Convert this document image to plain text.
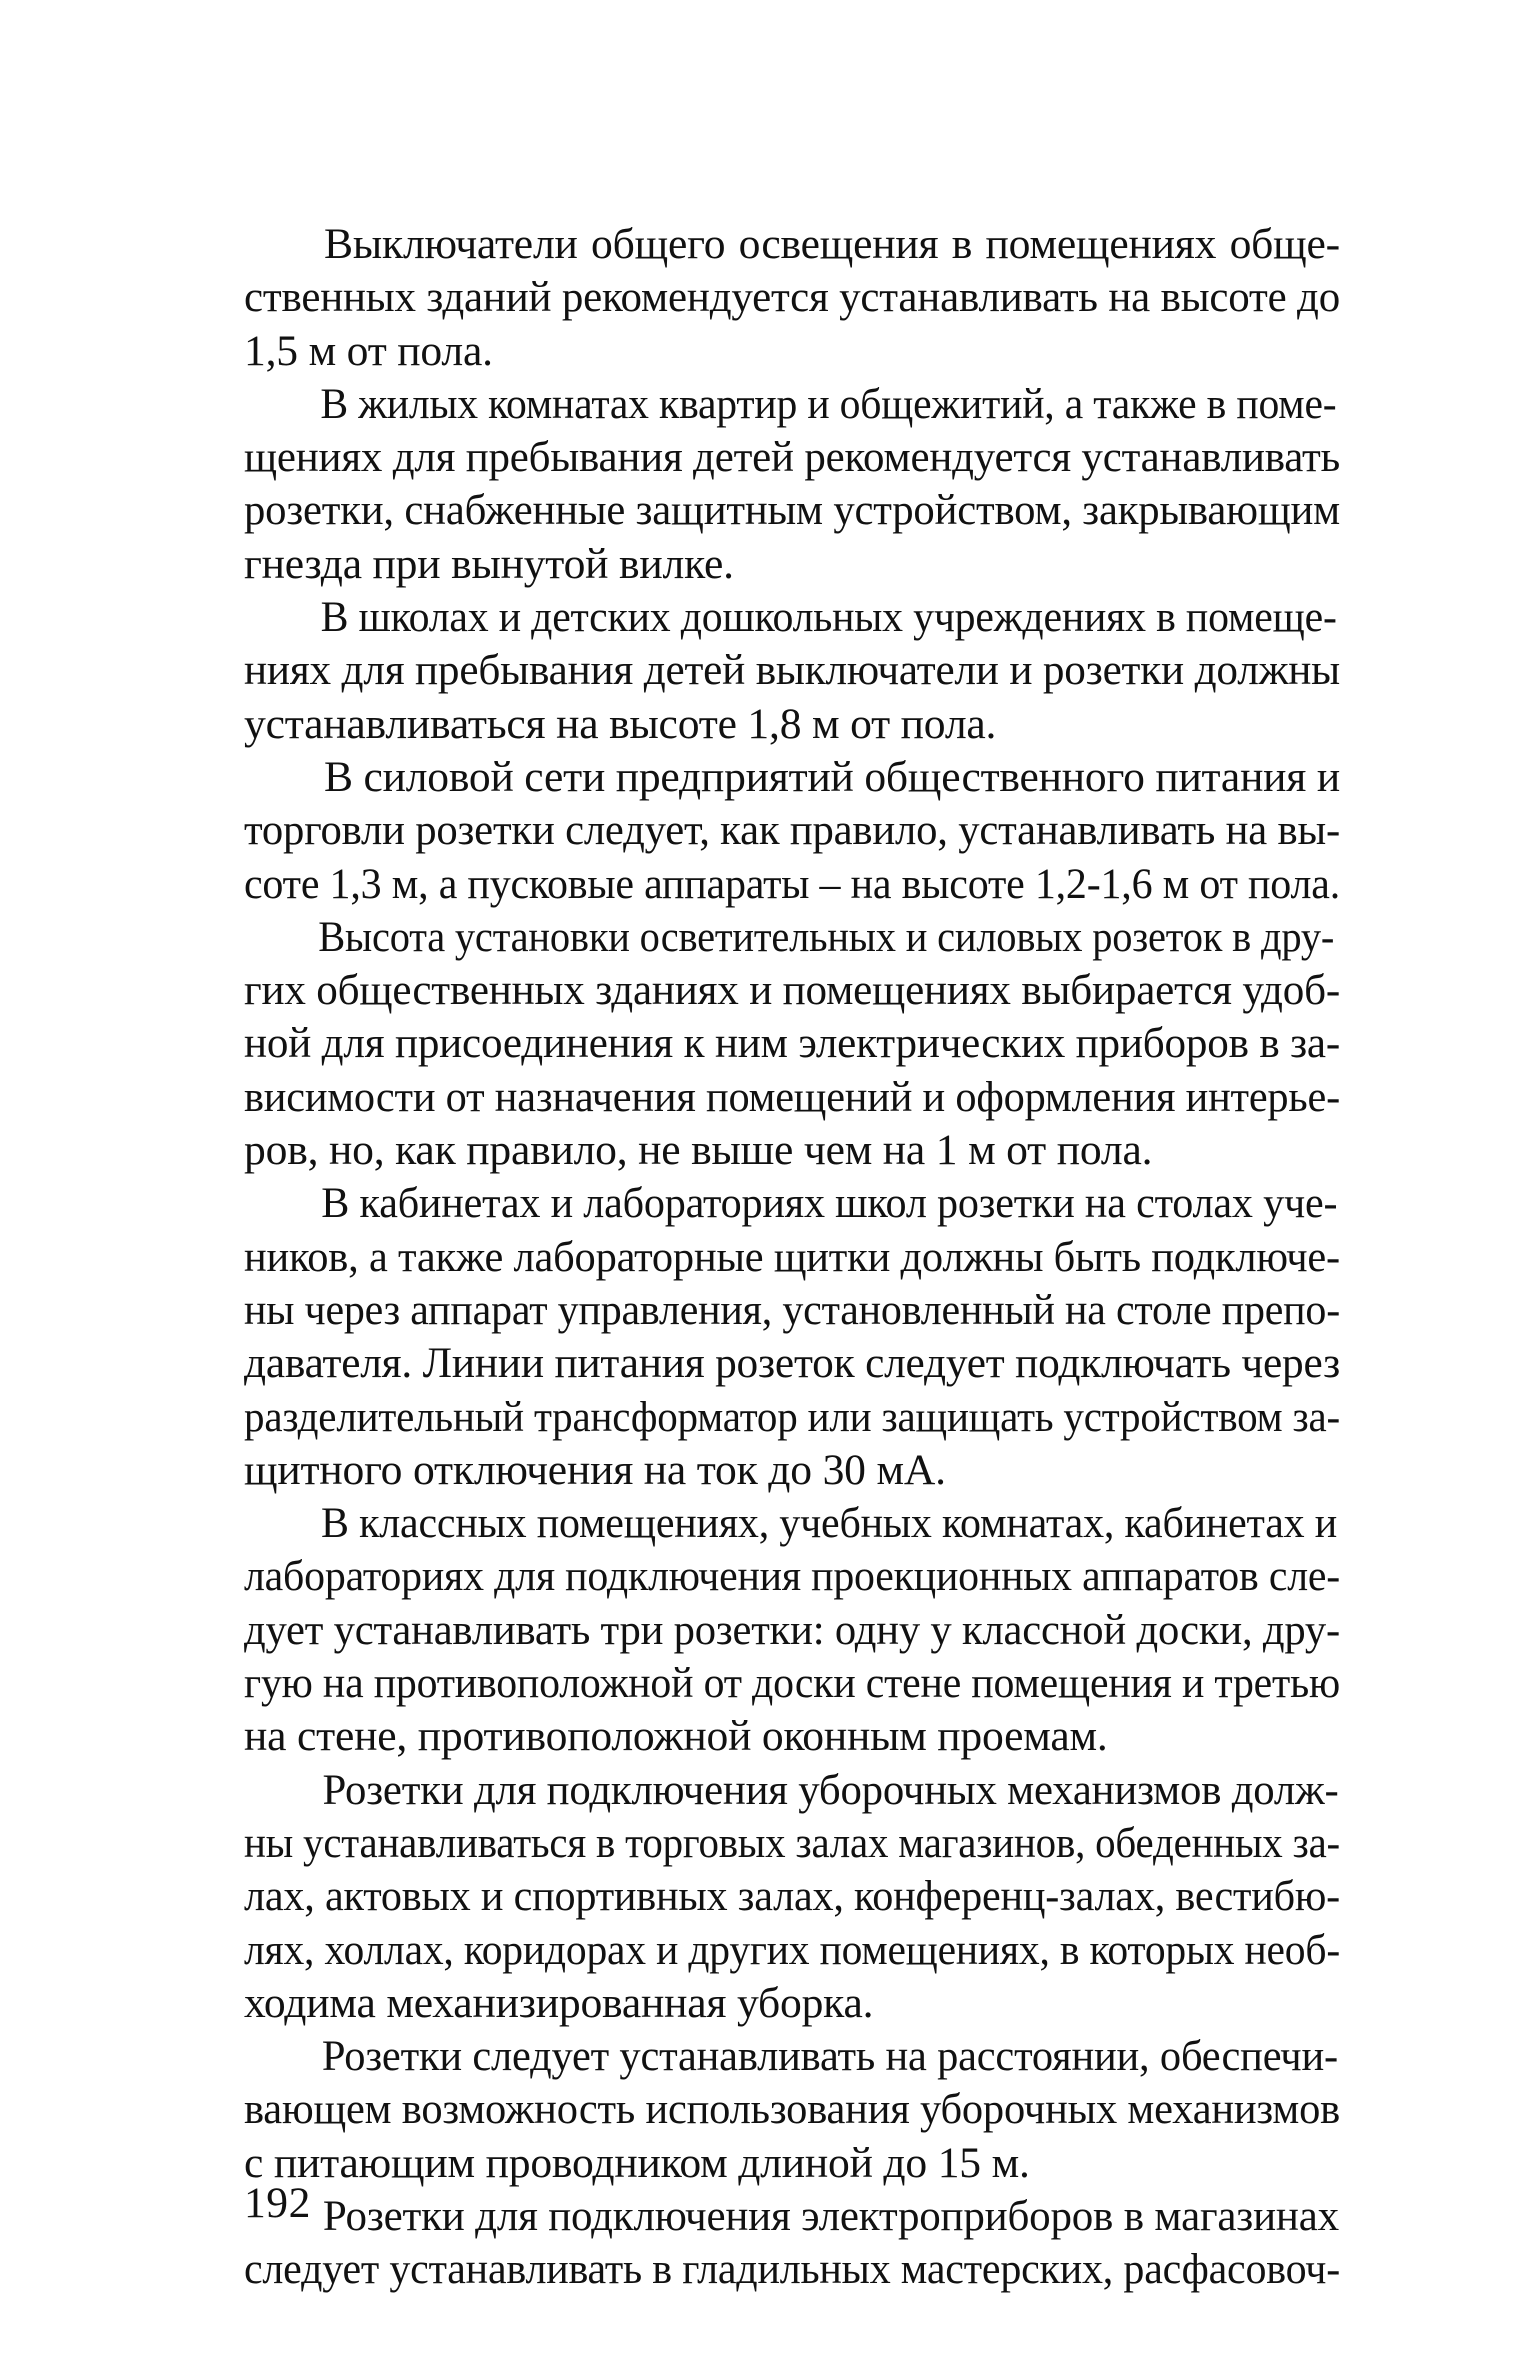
Выключатели общего освещения в помещениях обще-
ственных зданий рекомендуется устанавливать на высоте до
1,5 м от пола.
В жилых комнатах квартир и общежитий, а также в поме-
щениях для пребывания детей рекомендуется устанавливать
розетки, снабженные защитным устройством, закрывающим
гнезда при вынутой вилке.
В школах и детских дошкольных учреждениях в помеще-
ниях для пребывания детей выключатели и розетки должны
устанавливаться на высоте 1,8 м от пола.
В силовой сети предприятий общественного питания и
торговли розетки следует, как правило, устанавливать на вы-
соте 1,3 м, а пусковые аппараты – на высоте 1,2-1,6 м от пола.
Высота установки осветительных и силовых розеток в дру-
гих общественных зданиях и помещениях выбирается удоб-
ной для присоединения к ним электрических приборов в за-
висимости от назначения помещений и оформления интерье-
ров, но, как правило, не выше чем на 1 м от пола.
В кабинетах и лабораториях школ розетки на столах уче-
ников, а также лабораторные щитки должны быть подключе-
ны через аппарат управления, установленный на столе препо-
давателя. Линии питания розеток следует подключать через
разделительный трансформатор или защищать устройством за-
щитного отключения на ток до 30 мА.
В классных помещениях, учебных комнатах, кабинетах и
лабораториях для подключения проекционных аппаратов сле-
дует устанавливать три розетки: одну у классной доски, дру-
гую на противоположной от доски стене помещения и третью
на стене, противоположной оконным проемам.
Розетки для подключения уборочных механизмов долж-
ны устанавливаться в торговых залах магазинов, обеденных за-
лах, актовых и спортивных залах, конференц-залах, вестибю-
лях, холлах, коридорах и других помещениях, в которых необ-
ходима механизированная уборка.
Розетки следует устанавливать на расстоянии, обеспечи-
вающем возможность использования уборочных механизмов
с питающим проводником длиной до 15 м.
Розетки для подключения электроприборов в магазинах
следует устанавливать в гладильных мастерских, расфасовоч-
192
